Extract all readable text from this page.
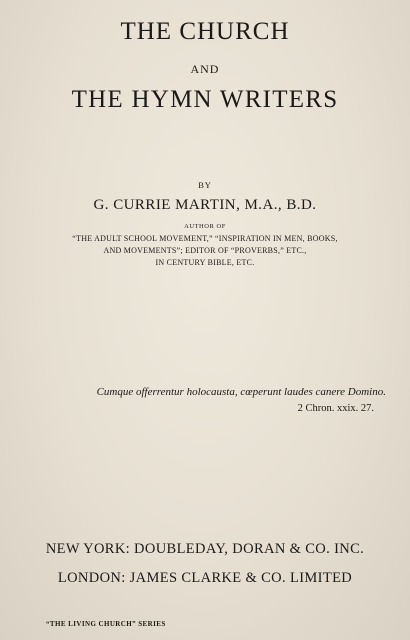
THE CHURCH
AND
THE HYMN WRITERS
BY
G. CURRIE MARTIN, M.A., B.D.
AUTHOR OF
“THE ADULT SCHOOL MOVEMENT,” “INSPIRATION IN MEN, BOOKS,
AND MOVEMENTS”; EDITOR OF “PROVERBS,” ETC.,
IN CENTURY BIBLE, ETC.
Cumque offerrentur holocausta, cœperunt laudes canere Domino.
2 Chron. xxix. 27.
NEW YORK: DOUBLEDAY, DORAN & CO. INC.
LONDON: JAMES CLARKE & CO. LIMITED
“THE LIVING CHURCH” SERIES
